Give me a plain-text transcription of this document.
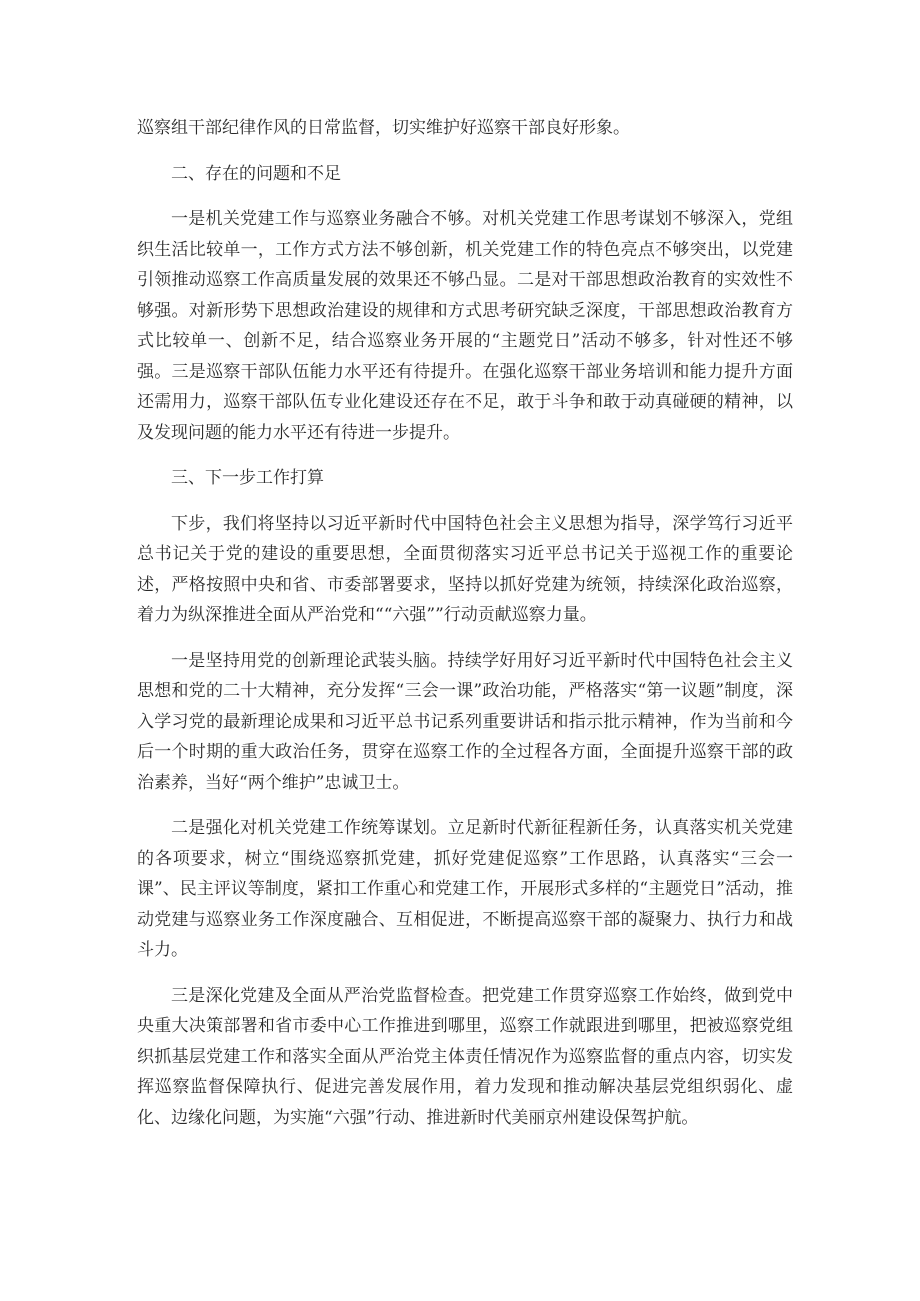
巡察组干部纪律作风的日常监督，切实维护好巡察干部良好形象。

二、存在的问题和不足

一是机关党建工作与巡察业务融合不够。对机关党建工作思考谋划不够深入，党组织生活比较单一，工作方式方法不够创新，机关党建工作的特色亮点不够突出，以党建引领推动巡察工作高质量发展的效果还不够凸显。二是对干部思想政治教育的实效性不够强。对新形势下思想政治建设的规律和方式思考研究缺乏深度，干部思想政治教育方式比较单一、创新不足，结合巡察业务开展的“主题党日”活动不够多，针对性还不够强。三是巡察干部队伍能力水平还有待提升。在强化巡察干部业务培训和能力提升方面还需用力，巡察干部队伍专业化建设还存在不足，敢于斗争和敢于动真碰硬的精神，以及发现问题的能力水平还有待进一步提升。

三、下一步工作打算

下步，我们将坚持以习近平新时代中国特色社会主义思想为指导，深学笃行习近平总书记关于党的建设的重要思想，全面贯彻落实习近平总书记关于巡视工作的重要论述，严格按照中央和省、市委部署要求，坚持以抓好党建为统领，持续深化政治巡察，着力为纵深推进全面从严治党和““六强””行动贡献巡察力量。

一是坚持用党的创新理论武装头脑。持续学好用好习近平新时代中国特色社会主义思想和党的二十大精神，充分发挥“三会一课”政治功能，严格落实“第一议题”制度，深入学习党的最新理论成果和习近平总书记系列重要讲话和指示批示精神，作为当前和今后一个时期的重大政治任务，贯穿在巡察工作的全过程各方面，全面提升巡察干部的政治素养，当好“两个维护”忠诚卫士。

二是强化对机关党建工作统筹谋划。立足新时代新征程新任务，认真落实机关党建的各项要求，树立“围绕巡察抓党建，抓好党建促巡察”工作思路，认真落实“三会一课”、民主评议等制度，紧扣工作重心和党建工作，开展形式多样的“主题党日”活动，推动党建与巡察业务工作深度融合、互相促进，不断提高巡察干部的凝聚力、执行力和战斗力。

三是深化党建及全面从严治党监督检查。把党建工作贯穿巡察工作始终，做到党中央重大决策部署和省市委中心工作推进到哪里，巡察工作就跟进到哪里，把被巡察党组织抓基层党建工作和落实全面从严治党主体责任情况作为巡察监督的重点内容，切实发挥巡察监督保障执行、促进完善发展作用，着力发现和推动解决基层党组织弱化、虚化、边缘化问题，为实施“六强”行动、推进新时代美丽京州建设保驾护航。
